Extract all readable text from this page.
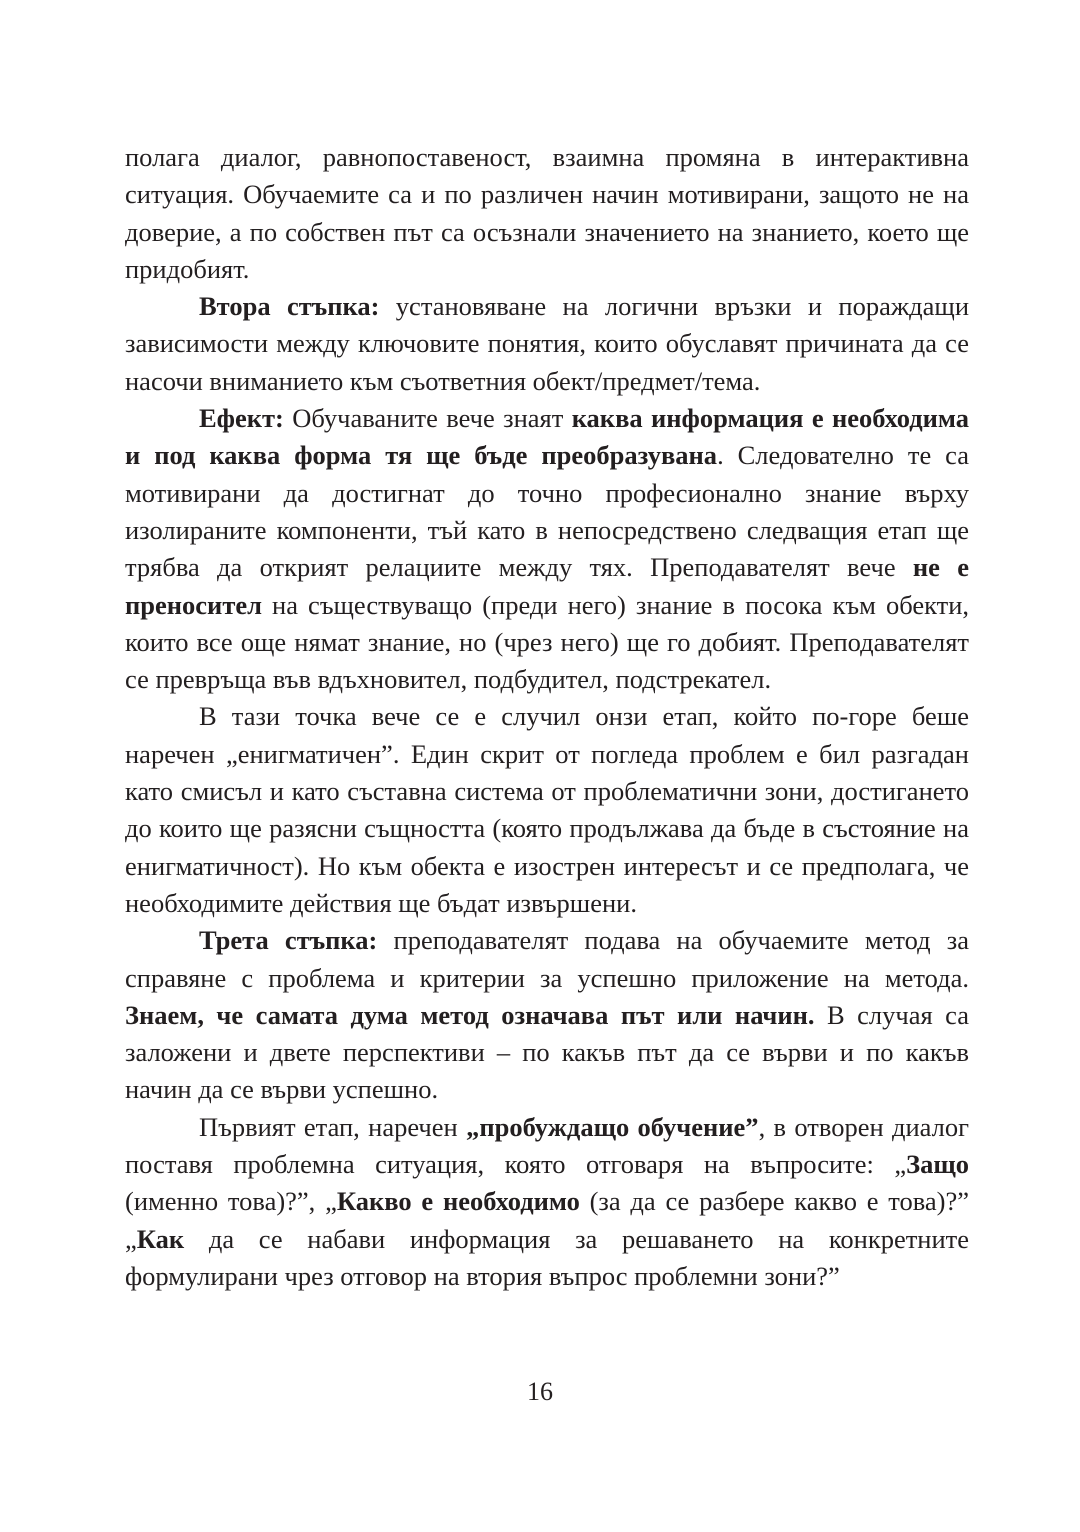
полага диалог, равнопоставеност, взаимна промяна в интерактивна ситуация. Обучаемите са и по различен начин мотивирани, защото не на доверие, а по собствен път са осъзнали значението на знанието, което ще придобият.

Втора стъпка: установяване на логични връзки и пораждащи зависимости между ключовите понятия, които обуславят причината да се насочи вниманието към съответния обект/предмет/тема.

Ефект: Обучаваните вече знаят каква информация е необходима и под каква форма тя ще бъде преобразувана. Следователно те са мотивирани да достигнат до точно професионално знание върху изолираните компоненти, тъй като в непосредствено следващия етап ще трябва да открият релациите между тях. Преподавателят вече не е преносител на съществуващо (преди него) знание в посока към обекти, които все още нямат знание, но (чрез него) ще го добият. Преподавателят се превръща във вдъхновител, подбудител, подстрекател.

В тази точка вече се е случил онзи етап, който по-горе беше наречен „енигматичен”. Един скрит от погледа проблем е бил разгадан като смисъл и като съставна система от проблематични зони, достигането до които ще разясни същността (която продължава да бъде в състояние на енигматичност). Но към обекта е изострен интересът и се предполага, че необходимите действия ще бъдат извършени.

Трета стъпка: преподавателят подава на обучаемите метод за справяне с проблема и критерии за успешно приложение на метода. Знаем, че самата дума метод означава път или начин. В случая са заложени и двете перспективи – по какъв път да се върви и по какъв начин да се върви успешно.

Първият етап, наречен „пробуждащо обучение”, в отворен диалог поставя проблемна ситуация, която отговаря на въпросите: „Защо (именно това)?”, „Какво е необходимо (за да се разбере какво е това)?” „Как да се набави информация за решаването на конкретните формулирани чрез отговор на втория въпрос проблемни зони?”

16
